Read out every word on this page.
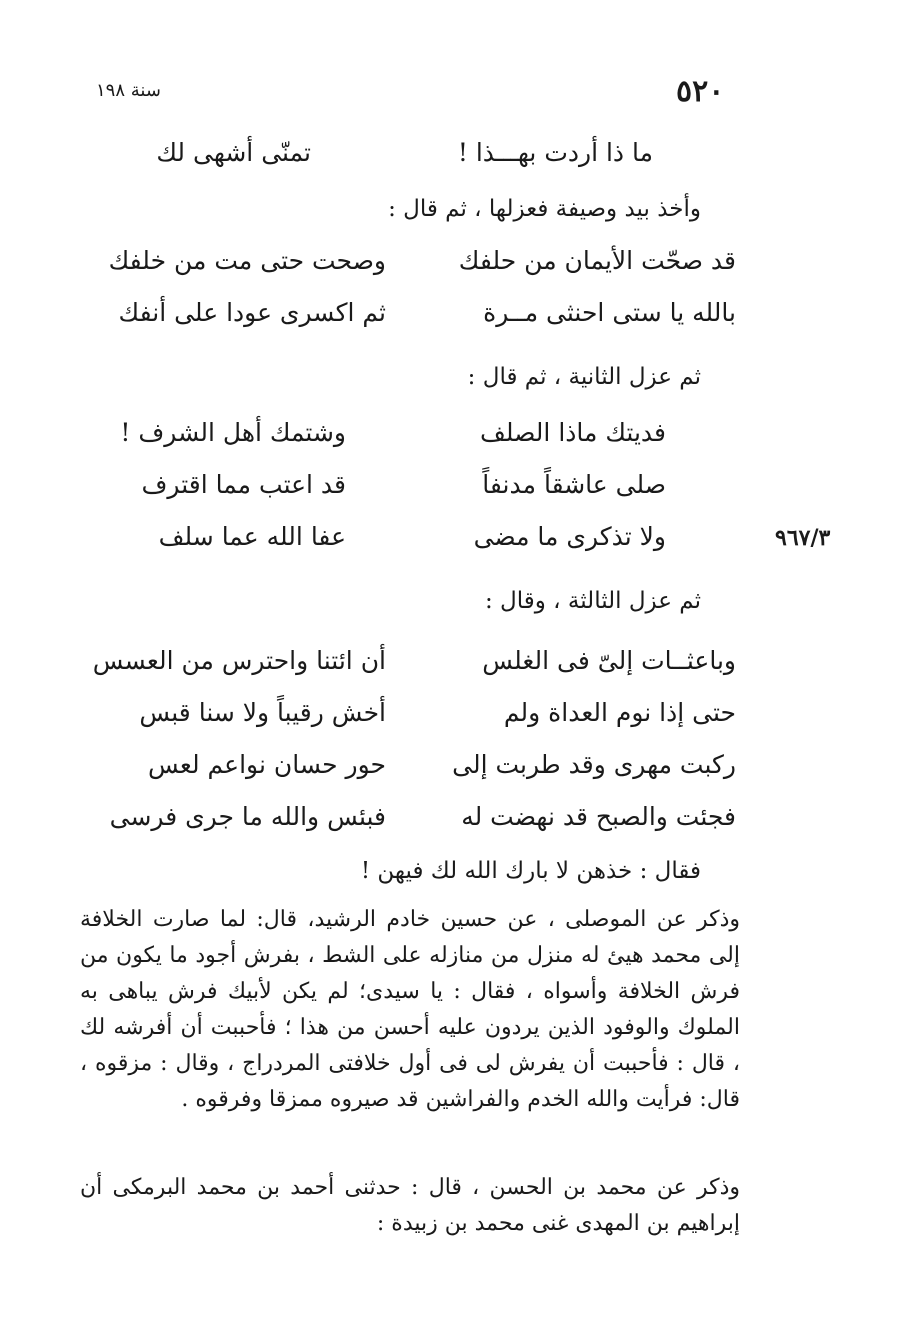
٥٢٠
سنة ١٩٨
ما ذا أردت بهـــذا !
تمنّى أشهى لك
وأخذ بيد وصيفة فعزلها ، ثم قال :
قد صحّت الأيمان من حلفك
وصحت حتى مت من خلفك
بالله يا ستى احنثى مــرة
ثم اكسرى عودا على أنفك
ثم عزل الثانية ، ثم قال :
فديتك ماذا الصلف
وشتمك أهل الشرف !
صلى عاشقاً مدنفاً
قد اعتب مما اقترف
ولا تذكرى ما مضى
عفا الله عما سلف	٩٦٧/٣
ثم عزل الثالثة ، وقال :
وباعثــات إلىّ فى الغلس
أن ائتنا واحترس من العسس
حتى إذا نوم العداة ولم
أخش رقيباً ولا سنا قبس
ركبت مهرى وقد طربت إلى
حور حسان نواعم لعس
فجئت والصبح قد نهضت له
فبئس والله ما جرى فرسى
فقال : خذهن لا بارك الله لك فيهن !

وذكر عن الموصلى ، عن حسين خادم الرشيد، قال: لما صارت الخلافة إلى محمد هيئ له منزل من منازله على الشط ، بفرش أجود ما يكون من فرش الخلافة وأسواه ، فقال : يا سيدى؛ لم يكن لأبيك فرش يباهى به الملوك والوفود الذين يردون عليه أحسن من هذا ؛ فأحببت أن أفرشه لك ، قال : فأحببت أن يفرش لى فى أول خلافتى المردراج ، وقال : مزقوه ، قال: فرأيت والله الخدم والفراشين قد صيروه ممزقا وفرقوه .

وذكر عن محمد بن الحسن ، قال : حدثنى أحمد بن محمد البرمكى أن إبراهيم بن المهدى غنى محمد بن زبيدة :
